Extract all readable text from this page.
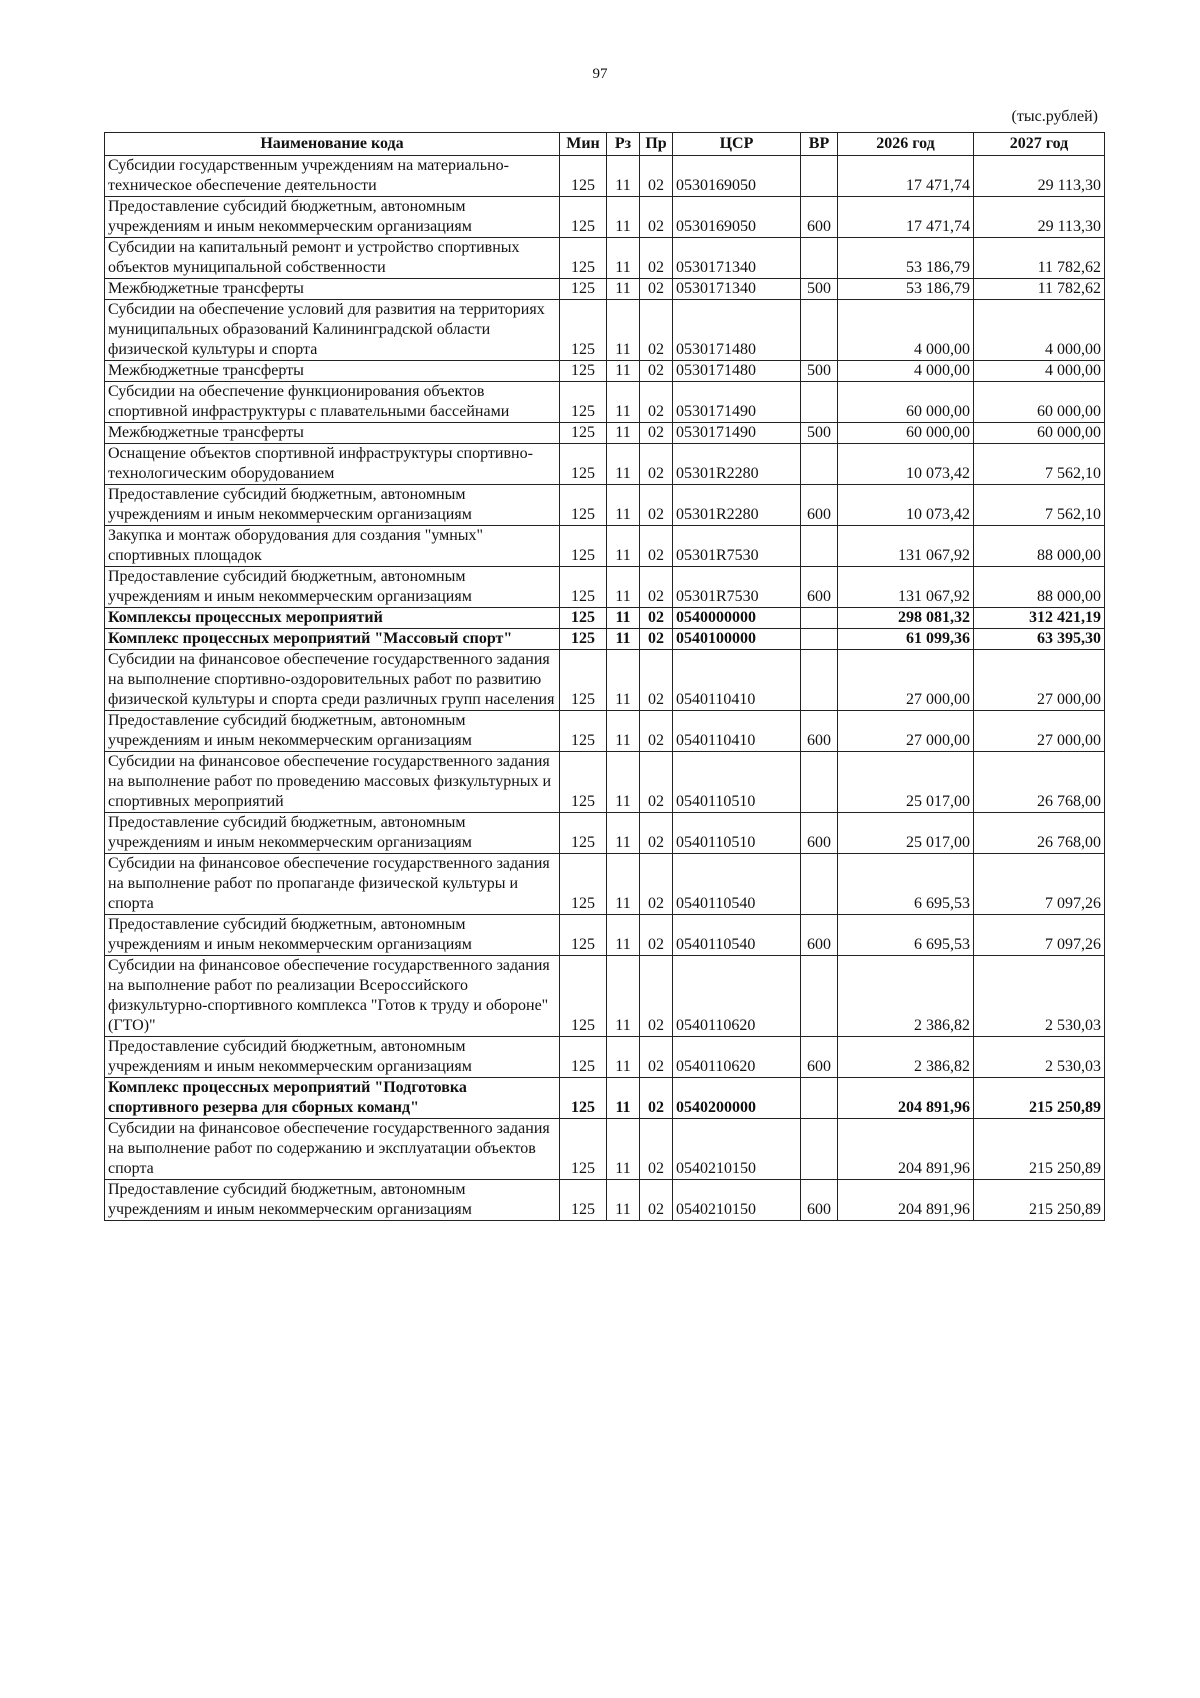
97
(тыс.рублей)
Наименование кода	Мин	Рз	Пр	ЦСР	ВР	2026 год	2027 год
Субсидии государственным учреждениям на материально-техническое обеспечение деятельности	125	11	02	0530169050		17 471,74	29 113,30
Предоставление субсидий бюджетным, автономным учреждениям и иным некоммерческим организациям	125	11	02	0530169050	600	17 471,74	29 113,30
Субсидии на капитальный ремонт и устройство спортивных объектов муниципальной собственности	125	11	02	0530171340		53 186,79	11 782,62
Межбюджетные трансферты	125	11	02	0530171340	500	53 186,79	11 782,62
Субсидии на обеспечение условий для развития на территориях муниципальных образований Калининградской области физической культуры и спорта	125	11	02	0530171480		4 000,00	4 000,00
Межбюджетные трансферты	125	11	02	0530171480	500	4 000,00	4 000,00
Субсидии на обеспечение функционирования объектов спортивной инфраструктуры с плавательными бассейнами	125	11	02	0530171490		60 000,00	60 000,00
Межбюджетные трансферты	125	11	02	0530171490	500	60 000,00	60 000,00
Оснащение объектов спортивной инфраструктуры спортивно-технологическим оборудованием	125	11	02	05301R2280		10 073,42	7 562,10
Предоставление субсидий бюджетным, автономным учреждениям и иным некоммерческим организациям	125	11	02	05301R2280	600	10 073,42	7 562,10
Закупка и монтаж оборудования для создания "умных" спортивных площадок	125	11	02	05301R7530		131 067,92	88 000,00
Предоставление субсидий бюджетным, автономным учреждениям и иным некоммерческим организациям	125	11	02	05301R7530	600	131 067,92	88 000,00
Комплексы процессных мероприятий	125	11	02	0540000000		298 081,32	312 421,19
Комплекс процессных мероприятий "Массовый спорт"	125	11	02	0540100000		61 099,36	63 395,30
Субсидии на финансовое обеспечение государственного задания на выполнение спортивно-оздоровительных работ по развитию физической культуры и спорта среди различных групп населения	125	11	02	0540110410		27 000,00	27 000,00
Предоставление субсидий бюджетным, автономным учреждениям и иным некоммерческим организациям	125	11	02	0540110410	600	27 000,00	27 000,00
Субсидии на финансовое обеспечение государственного задания на выполнение работ по проведению массовых физкультурных и спортивных мероприятий	125	11	02	0540110510		25 017,00	26 768,00
Предоставление субсидий бюджетным, автономным учреждениям и иным некоммерческим организациям	125	11	02	0540110510	600	25 017,00	26 768,00
Субсидии на финансовое обеспечение государственного задания на выполнение работ по пропаганде физической культуры и спорта	125	11	02	0540110540		6 695,53	7 097,26
Предоставление субсидий бюджетным, автономным учреждениям и иным некоммерческим организациям	125	11	02	0540110540	600	6 695,53	7 097,26
Субсидии на финансовое обеспечение государственного задания на выполнение работ по реализации Всероссийского физкультурно-спортивного комплекса "Готов к труду и обороне" (ГТО)"	125	11	02	0540110620		2 386,82	2 530,03
Предоставление субсидий бюджетным, автономным учреждениям и иным некоммерческим организациям	125	11	02	0540110620	600	2 386,82	2 530,03
Комплекс процессных мероприятий "Подготовка спортивного резерва для сборных команд"	125	11	02	0540200000		204 891,96	215 250,89
Субсидии на финансовое обеспечение государственного задания на выполнение работ по содержанию и эксплуатации объектов спорта	125	11	02	0540210150		204 891,96	215 250,89
Предоставление субсидий бюджетным, автономным учреждениям и иным некоммерческим организациям	125	11	02	0540210150	600	204 891,96	215 250,89
